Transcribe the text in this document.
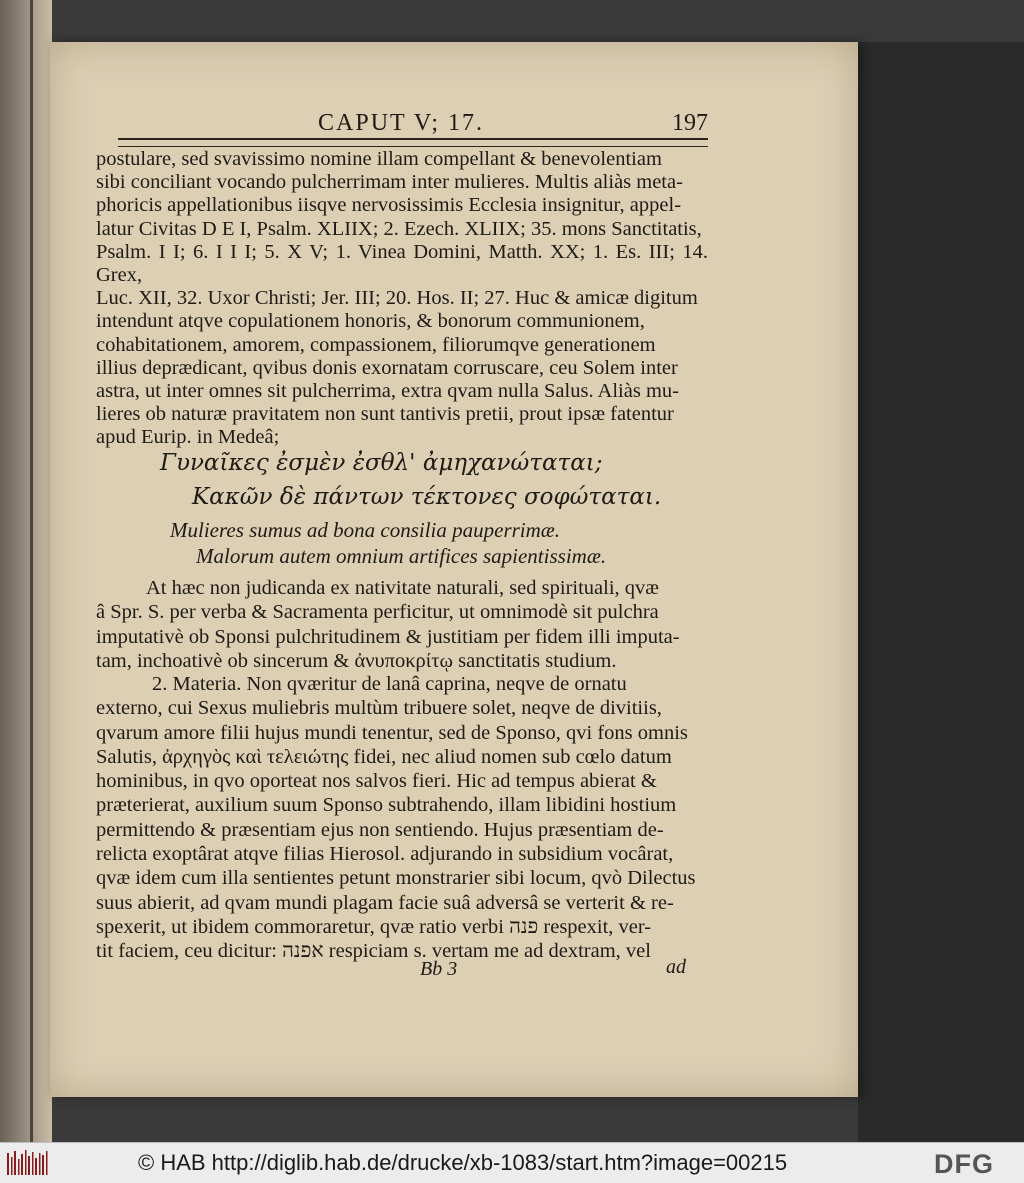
CAPUT V; 17.	197

postulare, sed svavissimo nomine illam compellant & benevolentiam

sibi conciliant vocando pulcherrimam inter mulieres. Multis aliàs meta-

phoricis appellationibus iisqve nervosissimis Ecclesia insignitur, appel-

latur Civitas D E I, Psalm. XLIIX; 2. Ezech. XLIIX; 35. mons Sanctitatis,

Psalm. I I; 6. I I I; 5. X V; 1. Vinea Domini, Matth. XX; 1. Es. III; 14. Grex,

Luc. XII, 32. Uxor Christi; Jer. III; 20. Hos. II; 27. Huc & amicæ digitum

intendunt atqve copulationem honoris, & bonorum communionem,

cohabitationem, amorem, compassionem, filiorumqve generationem

illius deprædicant, qvibus donis exornatam corruscare, ceu Solem inter

astra, ut inter omnes sit pulcherrima, extra qvam nulla Salus. Aliàs mu-

lieres ob naturæ pravitatem non sunt tantivis pretii, prout ipsæ fatentur

apud Eurip. in Medeâ;

Γυναῖκες ἐσμὲν ἐσθλ' ἀμηχανώταται;
Κακῶν δὲ πάντων τέκτονες σοφώταται.
Mulieres sumus ad bona consilia pauperrimæ.
Malorum autem omnium artifices sapientissimæ.

At hæc non judicanda ex nativitate naturali, sed spirituali, qvæ

â Spr. S. per verba & Sacramenta perficitur, ut omnimodè sit pulchra

imputativè ob Sponsi pulchritudinem & justitiam per fidem illi imputa-

tam, inchoativè ob sincerum & ἀνυποκρίτῳ sanctitatis studium.

2. Materia. Non qværitur de lanâ caprina, neqve de ornatu

externo, cui Sexus muliebris multùm tribuere solet, neqve de divitiis,

qvarum amore filii hujus mundi tenentur, sed de Sponso, qvi fons omnis

Salutis, ἀρχηγὸς καὶ τελειώτης fidei, nec aliud nomen sub cœlo datum

hominibus, in qvo oporteat nos salvos fieri. Hic ad tempus abierat &

præterierat, auxilium suum Sponso subtrahendo, illam libidini hostium

permittendo & præsentiam ejus non sentiendo. Hujus præsentiam de-

relicta exoptârat atqve filias Hierosol. adjurando in subsidium vocârat,

qvæ idem cum illa sentientes petunt monstrarier sibi locum, qvò Dilectus

suus abierit, ad qvam mundi plagam facie suâ adversâ se verterit & re-

spexerit, ut ibidem commoraretur, qvæ ratio verbi פנה respexit, ver-

tit faciem, ceu dicitur: אפנה respiciam s. vertam me ad dextram, vel

Bb 3	ad
© HAB http://diglib.hab.de/drucke/xb-1083/start.htm?image=00215	DFG
